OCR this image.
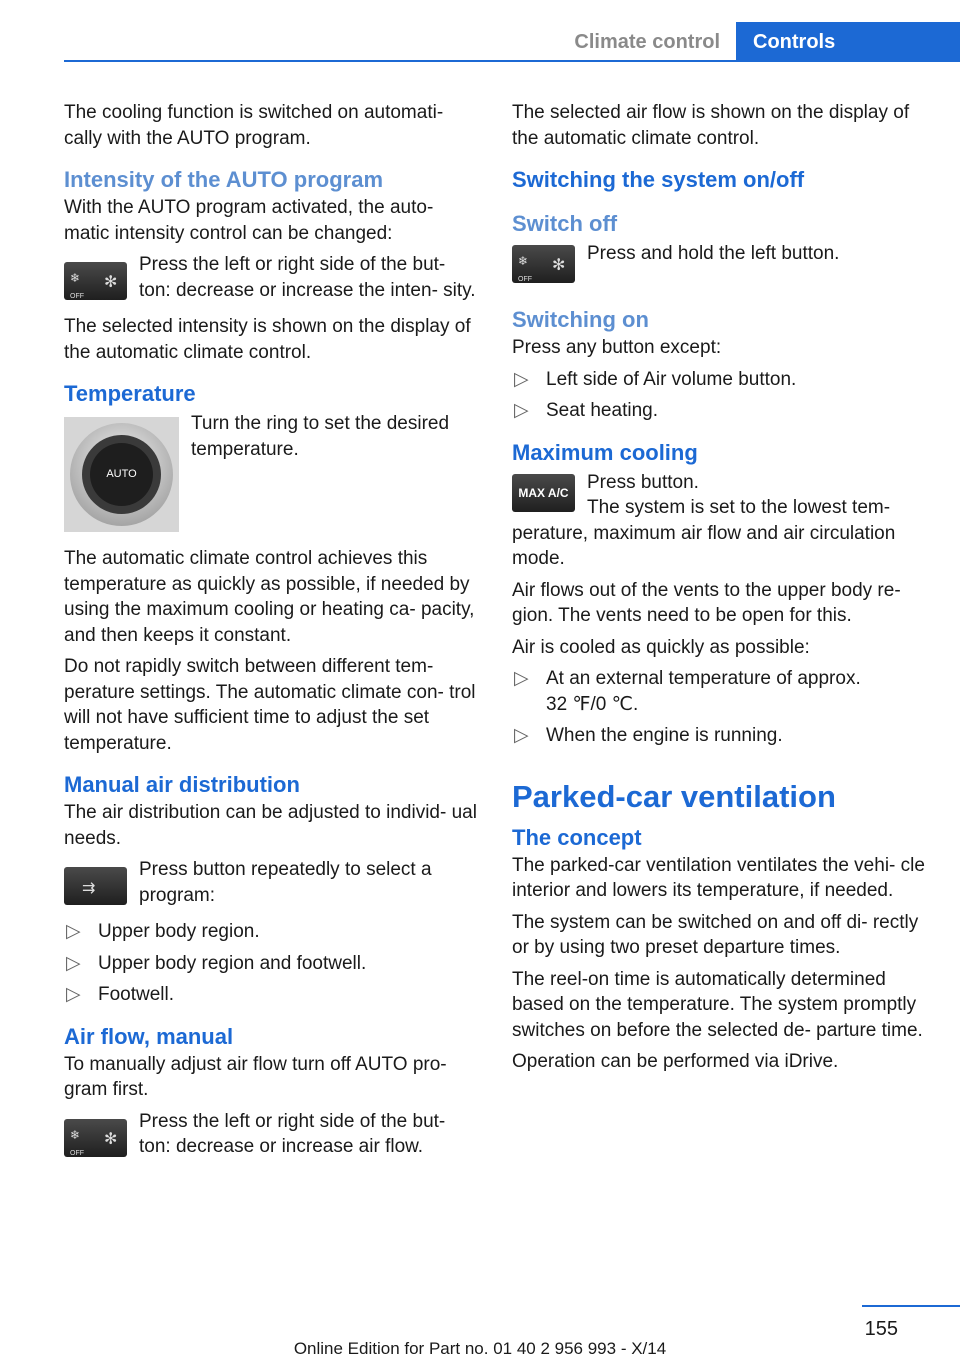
Climate control	Controls

The cooling function is switched on automati‐ cally with the AUTO program.

Intensity of the AUTO program

With the AUTO program activated, the auto‐ matic intensity control can be changed:

❄
OFF
✻
Press the left or right side of the but‐ ton: decrease or increase the inten‐ sity.

The selected intensity is shown on the display of the automatic climate control.

Temperature
AUTO
Turn the ring to set the desired temperature.

The automatic climate control achieves this temperature as quickly as possible, if needed by using the maximum cooling or heating ca‐ pacity, and then keeps it constant.

Do not rapidly switch between different tem‐ perature settings. The automatic climate con‐ trol will not have sufficient time to adjust the set temperature.

Manual air distribution

The air distribution can be adjusted to individ‐ ual needs.

⇉
Press button repeatedly to select a program:
▷ Upper body region.
▷ Upper body region and footwell.
▷ Footwell.
Air flow, manual

To manually adjust air flow turn off AUTO pro‐ gram first.

❄
OFF
✻
Press the left or right side of the but‐ ton: decrease or increase air flow.

The selected air flow is shown on the display of the automatic climate control.

Switching the system on/off
Switch off
❄
OFF
✻
Press and hold the left button.
Switching on

Press any button except:

▷ Left side of Air volume button.
▷ Seat heating.
Maximum cooling
MAX A/C Press button.
The system is set to the lowest tem‐ perature, maximum air flow and air circulation mode.

Air flows out of the vents to the upper body re‐ gion. The vents need to be open for this.

Air is cooled as quickly as possible:

▷ At an external temperature of approx.
32 ℉/0 ℃.
▷ When the engine is running.
Parked-car ventilation
The concept

The parked-car ventilation ventilates the vehi‐ cle interior and lowers its temperature, if needed.

The system can be switched on and off di‐ rectly or by using two preset departure times.

The reel-on time is automatically determined based on the temperature. The system promptly switches on before the selected de‐ parture time.

Operation can be performed via iDrive.

155
Online Edition for Part no. 01 40 2 956 993 - X/14
